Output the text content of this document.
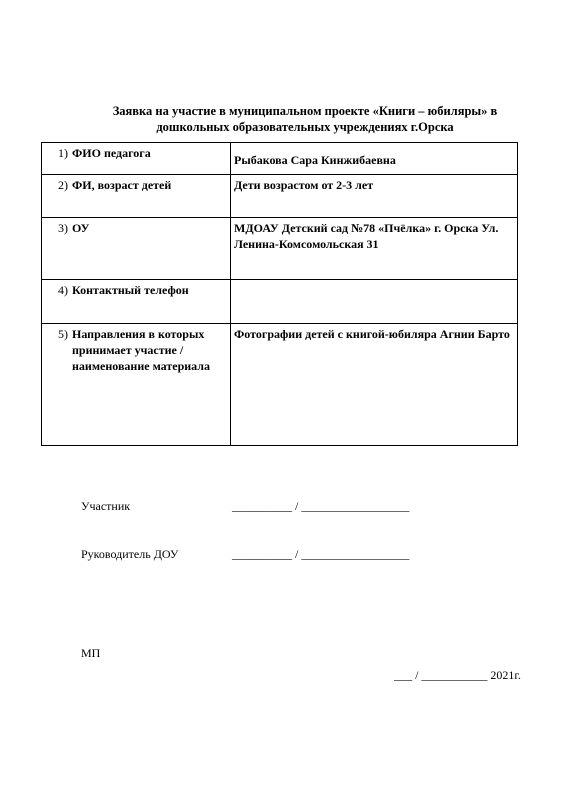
Заявка на участие в муниципальном проекте «Книги – юбиляры» в
дошкольных образовательных учреждениях г.Орска
1) ФИО педагога	Рыбакова Сара Кинжибаевна

2) ФИ, возраст детей	Дети возрастом от 2-3 лет

3) ОУ	МДОАУ Детский сад №78 «Пчёлка» г. Орска Ул. Ленина-Комсомольская 31

4) Контактный телефон	

5) Направления в которых принимает участие / наименование материала	Фотографии детей с книгой-юбиляра Агнии Барто
Участник	__________ / __________________
Руководитель ДОУ	__________ / __________________
МП
___ / ___________ 2021г.
